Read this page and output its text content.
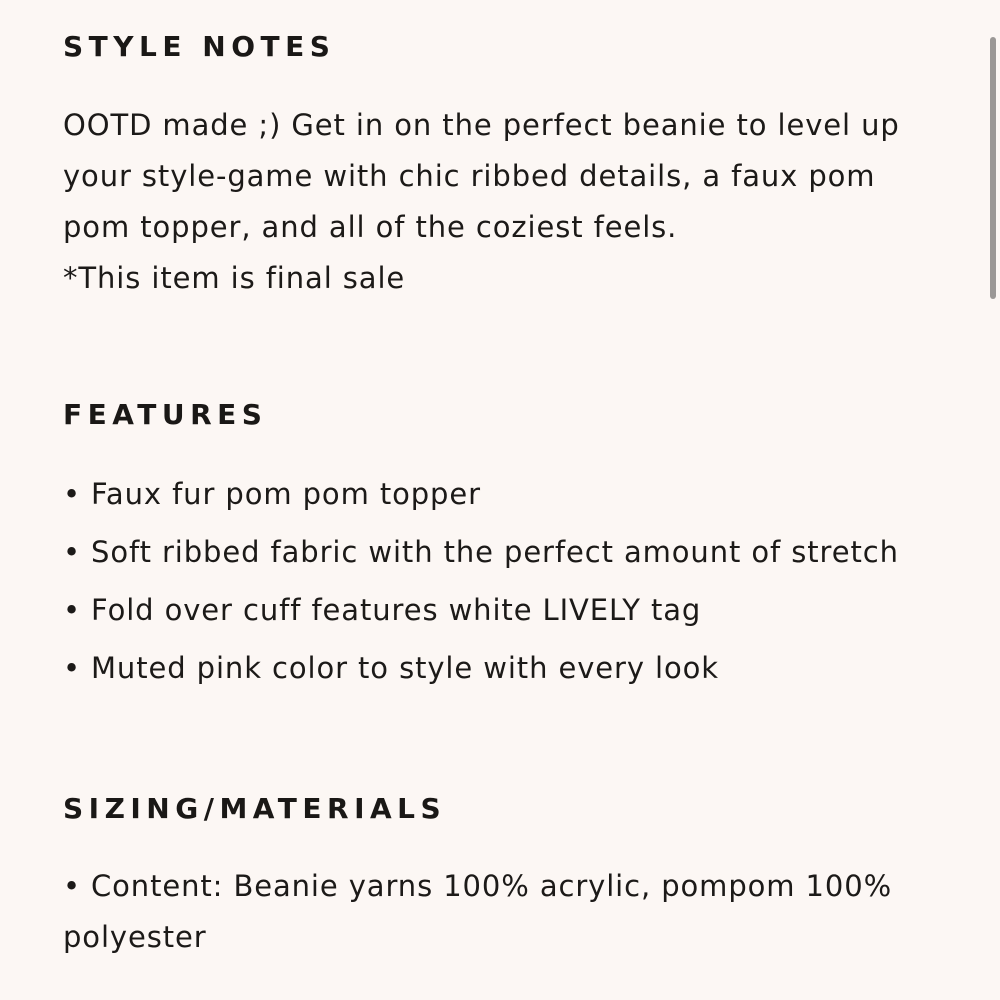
STYLE NOTES

OOTD made ;) Get in on the perfect beanie to level up
your style-game with chic ribbed details, a faux pom
pom topper, and all of the coziest feels.
*This item is final sale

FEATURES
• Faux fur pom pom topper
• Soft ribbed fabric with the perfect amount of stretch
• Fold over cuff features white LIVELY tag
• Muted pink color to style with every look
SIZING/MATERIALS
• Content: Beanie yarns 100% acrylic, pompom 100%
polyester
